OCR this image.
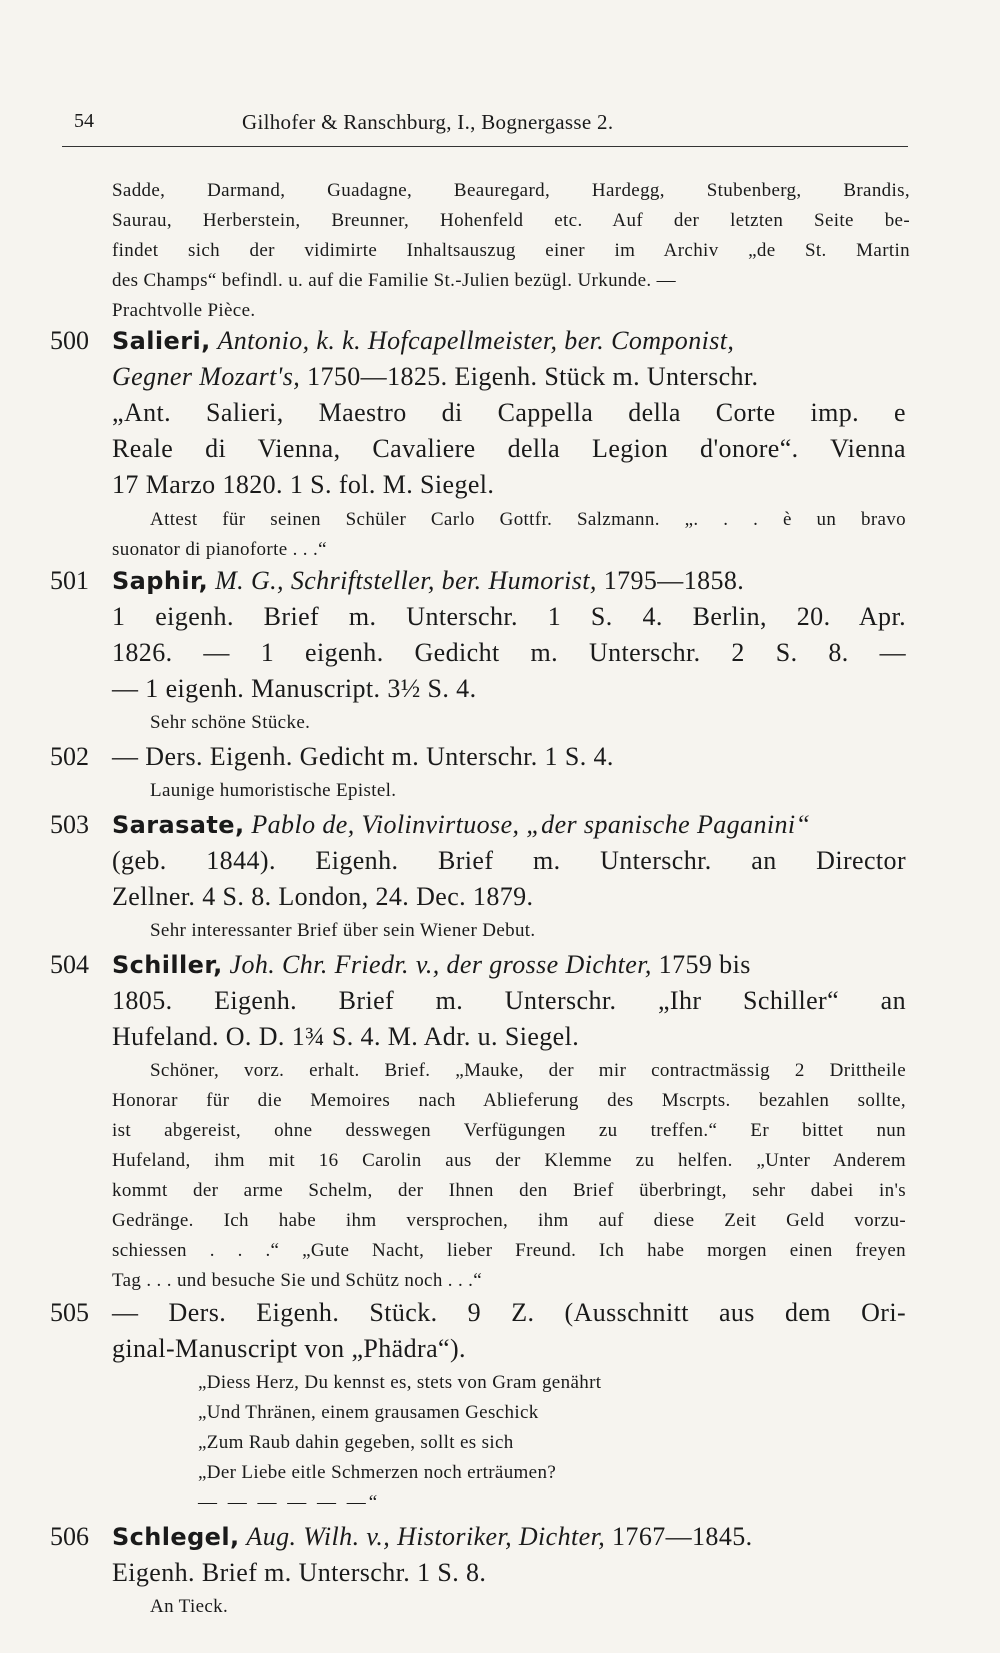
54	Gilhofer & Ranschburg, I., Bognergasse 2.
Sadde, Darmand, Guadagne, Beauregard, Hardegg, Stubenberg, Brandis,
Saurau, Herberstein, Breunner, Hohenfeld etc. Auf der letzten Seite be-
findet sich der vidimirte Inhaltsauszug einer im Archiv „de St. Martin
des Champs“ befindl. u. auf die Familie St.-Julien bezügl. Urkunde. —
Prachtvolle Pièce.
500 Salieri, Antonio, k. k. Hofcapellmeister, ber. Componist,
Gegner Mozart's, 1750—1825. Eigenh. Stück m. Unterschr.
„Ant. Salieri, Maestro di Cappella della Corte imp. e
Reale di Vienna, Cavaliere della Legion d'onore“. Vienna
17 Marzo 1820. 1 S. fol. M. Siegel.
Attest für seinen Schüler Carlo Gottfr. Salzmann. „. . . è un bravo
suonator di pianoforte . . .“
501 Saphir, M. G., Schriftsteller, ber. Humorist, 1795—1858.
1 eigenh. Brief m. Unterschr. 1 S. 4. Berlin, 20. Apr.
1826. — 1 eigenh. Gedicht m. Unterschr. 2 S. 8. —
— 1 eigenh. Manuscript. 3½ S. 4.
Sehr schöne Stücke.
502 — Ders. Eigenh. Gedicht m. Unterschr. 1 S. 4.
Launige humoristische Epistel.
503 Sarasate, Pablo de, Violinvirtuose, „der spanische Paganini“
(geb. 1844). Eigenh. Brief m. Unterschr. an Director
Zellner. 4 S. 8. London, 24. Dec. 1879.
Sehr interessanter Brief über sein Wiener Debut.
504 Schiller, Joh. Chr. Friedr. v., der grosse Dichter, 1759 bis
1805. Eigenh. Brief m. Unterschr. „Ihr Schiller“ an
Hufeland. O. D. 1¾ S. 4. M. Adr. u. Siegel.
Schöner, vorz. erhalt. Brief. „Mauke, der mir contractmässig 2 Drittheile
Honorar für die Memoires nach Ablieferung des Mscrpts. bezahlen sollte,
ist abgereist, ohne desswegen Verfügungen zu treffen.“ Er bittet nun
Hufeland, ihm mit 16 Carolin aus der Klemme zu helfen. „Unter Anderem
kommt der arme Schelm, der Ihnen den Brief überbringt, sehr dabei in's
Gedränge. Ich habe ihm versprochen, ihm auf diese Zeit Geld vorzu-
schiessen . . .“ „Gute Nacht, lieber Freund. Ich habe morgen einen freyen
Tag . . . und besuche Sie und Schütz noch . . .“
505 — Ders. Eigenh. Stück. 9 Z. (Ausschnitt aus dem Ori-
ginal-Manuscript von „Phädra“).
„Diess Herz, Du kennst es, stets von Gram genährt
„Und Thränen, einem grausamen Geschick
„Zum Raub dahin gegeben, sollt es sich
„Der Liebe eitle Schmerzen noch erträumen?
— — — — — —“
506 Schlegel, Aug. Wilh. v., Historiker, Dichter, 1767—1845.
Eigenh. Brief m. Unterschr. 1 S. 8.
An Tieck.
